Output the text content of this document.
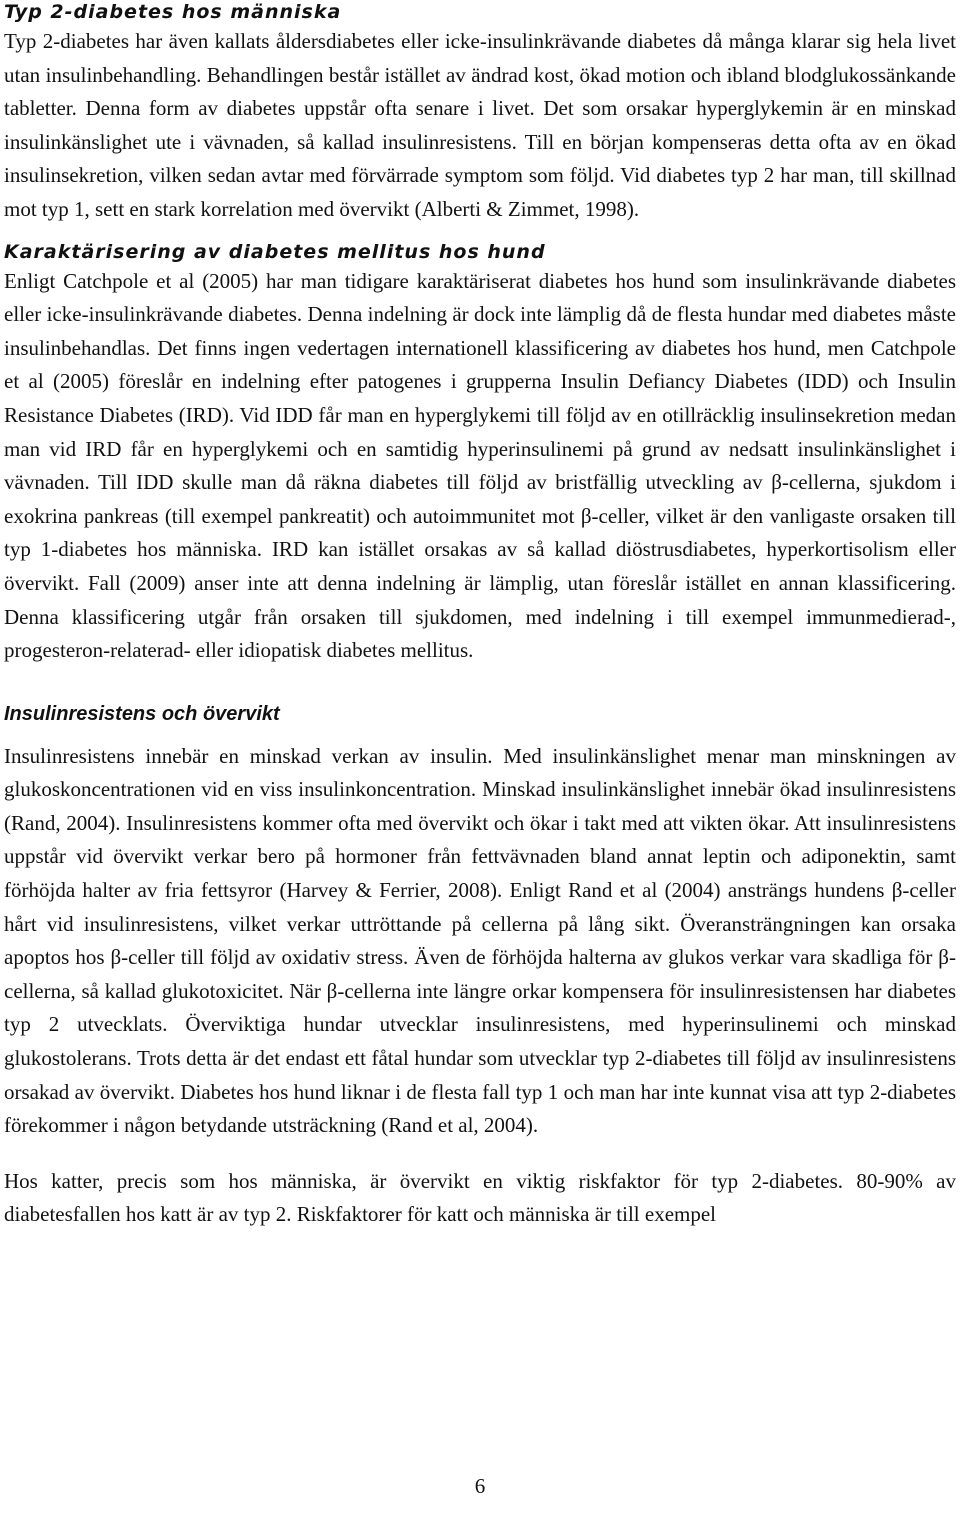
Typ 2-diabetes hos människa

Typ 2-diabetes har även kallats åldersdiabetes eller icke-insulinkrävande diabetes då många klarar sig hela livet utan insulinbehandling. Behandlingen består istället av ändrad kost, ökad motion och ibland blodglukossänkande tabletter. Denna form av diabetes uppstår ofta senare i livet. Det som orsakar hyperglykemin är en minskad insulinkänslighet ute i vävnaden, så kallad insulinresistens. Till en början kompenseras detta ofta av en ökad insulinsekretion, vilken sedan avtar med förvärrade symptom som följd. Vid diabetes typ 2 har man, till skillnad mot typ 1, sett en stark korrelation med övervikt (Alberti & Zimmet, 1998).

Karaktärisering av diabetes mellitus hos hund

Enligt Catchpole et al (2005) har man tidigare karaktäriserat diabetes hos hund som insulinkrävande diabetes eller icke-insulinkrävande diabetes. Denna indelning är dock inte lämplig då de flesta hundar med diabetes måste insulinbehandlas. Det finns ingen vedertagen internationell klassificering av diabetes hos hund, men Catchpole et al (2005) föreslår en indelning efter patogenes i grupperna Insulin Defiancy Diabetes (IDD) och Insulin Resistance Diabetes (IRD). Vid IDD får man en hyperglykemi till följd av en otillräcklig insulinsekretion medan man vid IRD får en hyperglykemi och en samtidig hyperinsulinemi på grund av nedsatt insulinkänslighet i vävnaden. Till IDD skulle man då räkna diabetes till följd av bristfällig utveckling av β-cellerna, sjukdom i exokrina pankreas (till exempel pankreatit) och autoimmunitet mot β-celler, vilket är den vanligaste orsaken till typ 1-diabetes hos människa. IRD kan istället orsakas av så kallad diöstrusdiabetes, hyperkortisolism eller övervikt. Fall (2009) anser inte att denna indelning är lämplig, utan föreslår istället en annan klassificering. Denna klassificering utgår från orsaken till sjukdomen, med indelning i till exempel immunmedierad-, progesteron-relaterad- eller idiopatisk diabetes mellitus.

Insulinresistens och övervikt

Insulinresistens innebär en minskad verkan av insulin. Med insulinkänslighet menar man minskningen av glukoskoncentrationen vid en viss insulinkoncentration. Minskad insulinkänslighet innebär ökad insulinresistens (Rand, 2004). Insulinresistens kommer ofta med övervikt och ökar i takt med att vikten ökar. Att insulinresistens uppstår vid övervikt verkar bero på hormoner från fettvävnaden bland annat leptin och adiponektin, samt förhöjda halter av fria fettsyror (Harvey & Ferrier, 2008). Enligt Rand et al (2004) ansträngs hundens β-celler hårt vid insulinresistens, vilket verkar uttröttande på cellerna på lång sikt. Överansträngningen kan orsaka apoptos hos β-celler till följd av oxidativ stress. Även de förhöjda halterna av glukos verkar vara skadliga för β-cellerna, så kallad glukotoxicitet. När β-cellerna inte längre orkar kompensera för insulinresistensen har diabetes typ 2 utvecklats. Överviktiga hundar utvecklar insulinresistens, med hyperinsulinemi och minskad glukostolerans. Trots detta är det endast ett fåtal hundar som utvecklar typ 2-diabetes till följd av insulinresistens orsakad av övervikt. Diabetes hos hund liknar i de flesta fall typ 1 och man har inte kunnat visa att typ 2-diabetes förekommer i någon betydande utsträckning (Rand et al, 2004).

Hos katter, precis som hos människa, är övervikt en viktig riskfaktor för typ 2-diabetes. 80-90% av diabetesfallen hos katt är av typ 2. Riskfaktorer för katt och människa är till exempel

6
